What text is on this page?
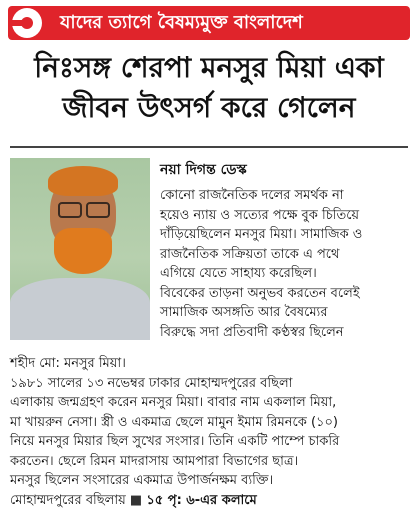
যাদের ত্যাগে বৈষম্যমুক্ত বাংলাদেশ
নিঃসঙ্গ শেরপা মনসুর মিয়া একা
জীবন উৎসর্গ করে গেলেন
নয়া দিগন্ত ডেস্ক
কোনো রাজনৈতিক দলের সমর্থক না
হয়েও ন্যায় ও সত্যের পক্ষে বুক চিতিয়ে
দাঁড়িয়েছিলেন মনসুর মিয়া। সামাজিক ও
রাজনৈতিক সক্রিয়তা তাকে এ পথে
এগিয়ে যেতে সাহায্য করেছিল।
বিবেকের তাড়না অনুভব করতেন বলেই
সামাজিক অসঙ্গতি আর বৈষম্যের
বিরুদ্ধে সদা প্রতিবাদী কণ্ঠস্বর ছিলেন
শহীদ মো: মনসুর মিয়া।
১৯৮১ সালের ১৩ নভেম্বর ঢাকার মোহাম্মদপুরের বছিলা
এলাকায় জন্মগ্রহণ করেন মনসুর মিয়া। বাবার নাম একলাল মিয়া,
মা খায়রুন নেসা। স্ত্রী ও একমাত্র ছেলে মামুন ইমাম রিমনকে (১০)
নিয়ে মনসুর মিয়ার ছিল সুখের সংসার। তিনি একটি পাম্পে চাকরি
করতেন। ছেলে রিমন মাদরাসায় আমপারা বিভাগের ছাত্র।
মনসুর ছিলেন সংসারের একমাত্র উপার্জনক্ষম ব্যক্তি।
মোহাম্মদপুরের বছিলায় ■ ১৫ পৃ: ৬-এর কলামে
